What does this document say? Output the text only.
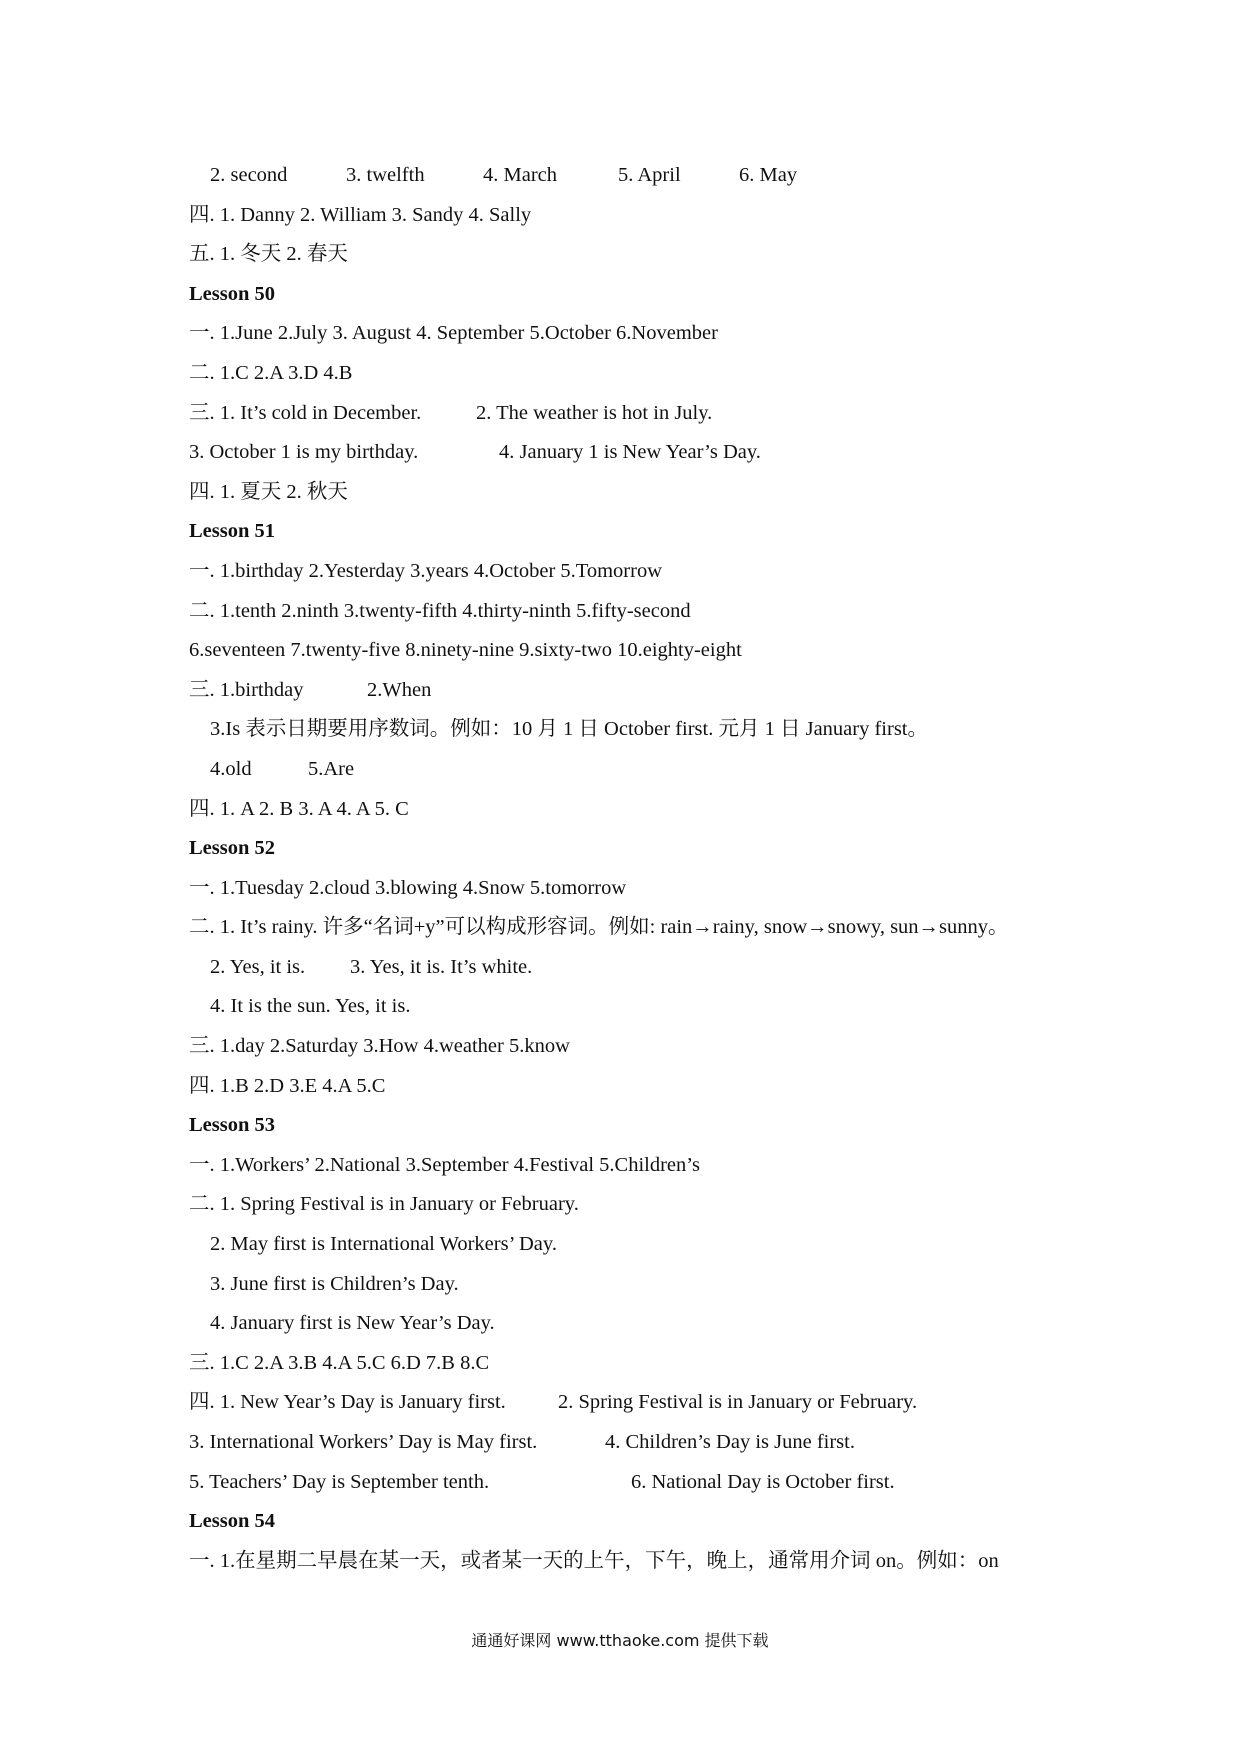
2. second	3. twelfth	4. March	5. April	6. May
四. 1. Danny 2. William 3. Sandy 4. Sally
五. 1. 冬天 2. 春天
Lesson 50
一. 1.June 2.July 3. August 4. September 5.October 6.November
二. 1.C 2.A 3.D 4.B
三. 1. It’s cold in December.	2. The weather is hot in July.
3. October 1 is my birthday.	4. January 1 is New Year’s Day.
四. 1. 夏天 2. 秋天
Lesson 51
一. 1.birthday 2.Yesterday 3.years 4.October 5.Tomorrow
二. 1.tenth 2.ninth 3.twenty-fifth 4.thirty-ninth 5.fifty-second
6.seventeen 7.twenty-five 8.ninety-nine 9.sixty-two 10.eighty-eight
三. 1.birthday	2.When
3.Is 表示日期要用序数词。例如：10 月 1 日 October first. 元月 1 日 January first。
4.old	5.Are
四. 1. A 2. B 3. A 4. A 5. C
Lesson 52
一. 1.Tuesday 2.cloud 3.blowing 4.Snow 5.tomorrow
二. 1. It’s rainy. 许多“名词+y”可以构成形容词。例如: rain→rainy, snow→snowy, sun→sunny。
2. Yes, it is. 3. Yes, it is. It’s white.
4. It is the sun. Yes, it is.
三. 1.day 2.Saturday 3.How 4.weather 5.know
四. 1.B 2.D 3.E 4.A 5.C
Lesson 53
一. 1.Workers’ 2.National 3.September 4.Festival 5.Children’s
二. 1. Spring Festival is in January or February.
2. May first is International Workers’ Day.
3. June first is Children’s Day.
4. January first is New Year’s Day.
三. 1.C 2.A 3.B 4.A 5.C 6.D 7.B 8.C
四. 1. New Year’s Day is January first.	2. Spring Festival is in January or February.
3. International Workers’ Day is May first.	4. Children’s Day is June first.
5. Teachers’ Day is September tenth.	6. National Day is October first.
Lesson 54
一. 1.在星期二早晨在某一天，或者某一天的上午，下午，晚上，通常用介词 on。例如：on
通通好课网 www.tthaoke.com 提供下载
